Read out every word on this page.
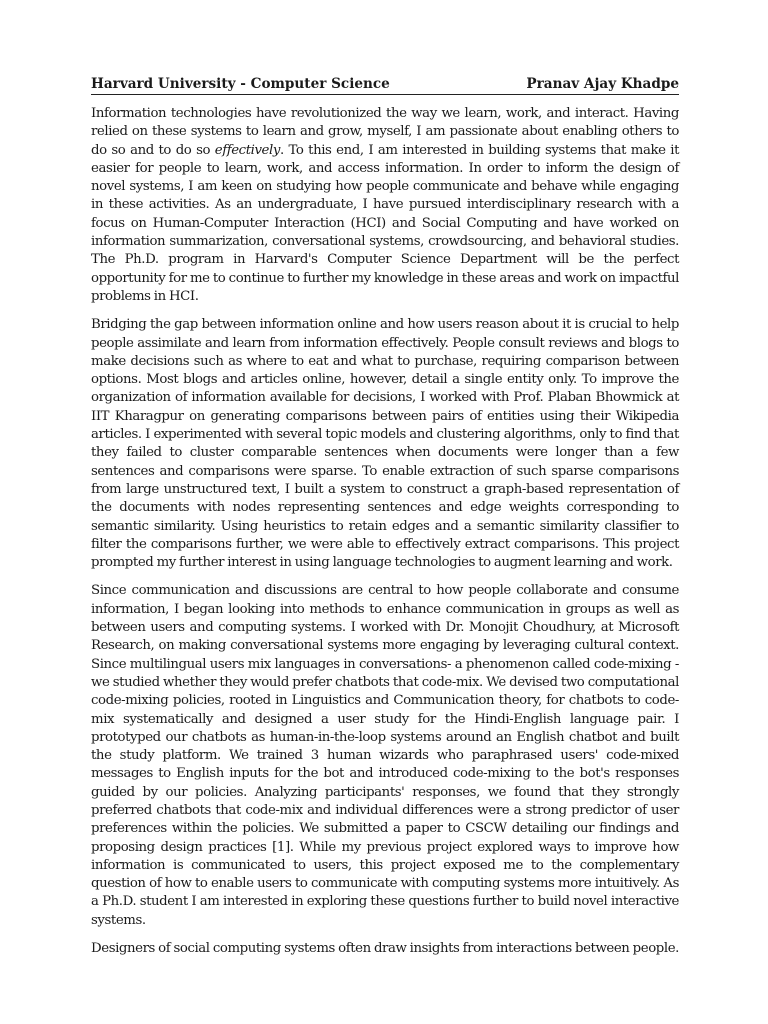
Harvard University - Computer Science	Pranav Ajay Khadpe

Information technologies have revolutionized the way we learn, work, and interact. Having relied on these systems to learn and grow, myself, I am passionate about enabling others to do so and to do so effectively. To this end, I am interested in building systems that make it easier for people to learn, work, and access information. In order to inform the design of novel systems, I am keen on studying how people communicate and behave while engaging in these activities. As an undergraduate, I have pursued interdisciplinary research with a focus on Human-Computer Interaction (HCI) and Social Computing and have worked on information summarization, conversational systems, crowdsourcing, and behavioral studies. The Ph.D. program in Harvard's Computer Science Department will be the perfect opportunity for me to continue to further my knowledge in these areas and work on impactful problems in HCI.

Bridging the gap between information online and how users reason about it is crucial to help people assimilate and learn from information effectively. People consult reviews and blogs to make decisions such as where to eat and what to purchase, requiring comparison between options. Most blogs and articles online, however, detail a single entity only. To improve the organization of information available for decisions, I worked with Prof. Plaban Bhowmick at IIT Kharagpur on generating comparisons between pairs of entities using their Wikipedia articles. I experimented with several topic models and clustering algorithms, only to find that they failed to cluster comparable sentences when documents were longer than a few sentences and comparisons were sparse. To enable extraction of such sparse comparisons from large unstructured text, I built a system to construct a graph-based representation of the documents with nodes representing sentences and edge weights corresponding to semantic similarity. Using heuristics to retain edges and a semantic similarity classifier to filter the comparisons further, we were able to effectively extract comparisons. This project prompted my further interest in using language technologies to augment learning and work.

Since communication and discussions are central to how people collaborate and consume information, I began looking into methods to enhance communication in groups as well as between users and computing systems. I worked with Dr. Monojit Choudhury, at Microsoft Research, on making conversational systems more engaging by leveraging cultural context. Since multilingual users mix languages in conversations- a phenomenon called code-mixing - we studied whether they would prefer chatbots that code-mix. We devised two computational code-mixing policies, rooted in Linguistics and Communication theory, for chatbots to code-mix systematically and designed a user study for the Hindi-English language pair. I prototyped our chatbots as human-in-the-loop systems around an English chatbot and built the study platform. We trained 3 human wizards who paraphrased users' code-mixed messages to English inputs for the bot and introduced code-mixing to the bot's responses guided by our policies. Analyzing participants' responses, we found that they strongly preferred chatbots that code-mix and individual differences were a strong predictor of user preferences within the policies. We submitted a paper to CSCW detailing our findings and proposing design practices [1]. While my previous project explored ways to improve how information is communicated to users, this project exposed me to the complementary question of how to enable users to communicate with computing systems more intuitively. As a Ph.D. student I am interested in exploring these questions further to build novel interactive systems.

Designers of social computing systems often draw insights from interactions between people.
